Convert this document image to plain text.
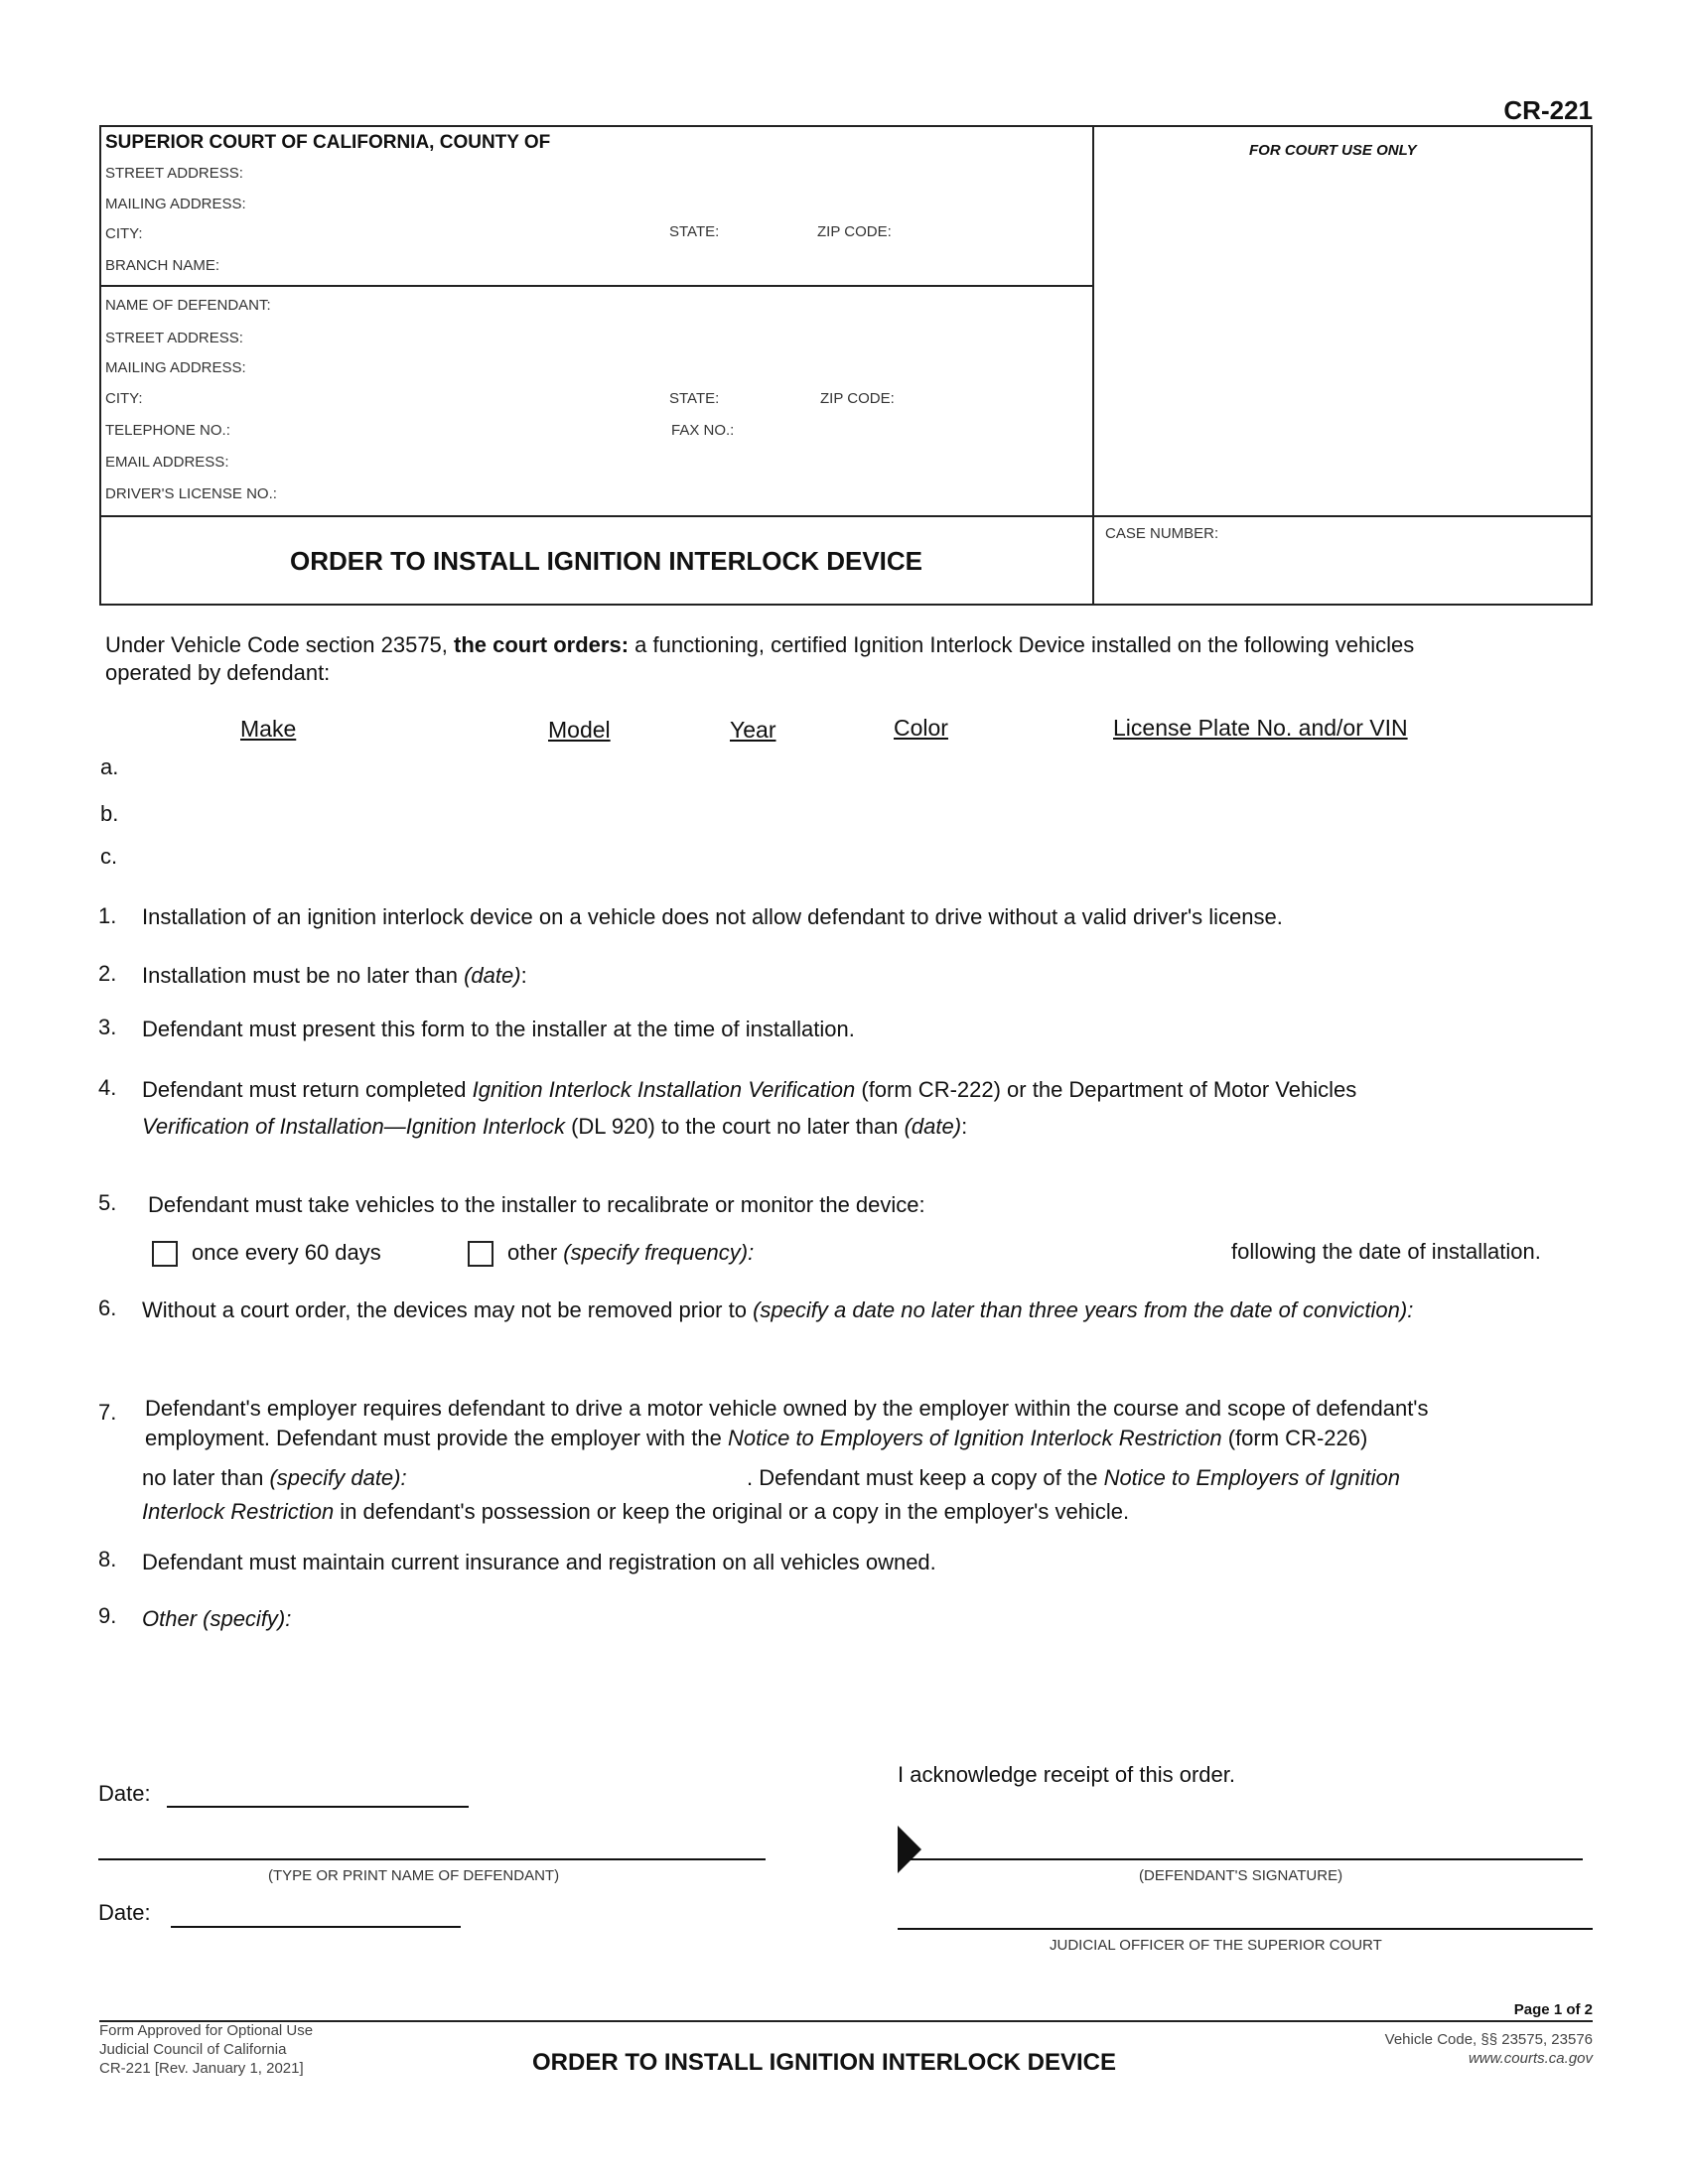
CR-221
SUPERIOR COURT OF CALIFORNIA, COUNTY OF
STREET ADDRESS:
MAILING ADDRESS:
CITY:	STATE:	ZIP CODE:
BRANCH NAME:
FOR COURT USE ONLY
NAME OF DEFENDANT:
STREET ADDRESS:
MAILING ADDRESS:
CITY:	STATE:	ZIP CODE:
TELEPHONE NO.:	FAX NO.:
EMAIL ADDRESS:
DRIVER'S LICENSE NO.:
ORDER TO INSTALL IGNITION INTERLOCK DEVICE
CASE NUMBER:
Under Vehicle Code section 23575, the court orders: a functioning, certified Ignition Interlock Device installed on the following vehicles
operated by defendant:
Make	Model	Year	Color	License Plate No. and/or VIN
a.
b.
c.
1. Installation of an ignition interlock device on a vehicle does not allow defendant to drive without a valid driver's license.
2. Installation must be no later than (date):
3. Defendant must present this form to the installer at the time of installation.
4. Defendant must return completed Ignition Interlock Installation Verification (form CR-222) or the Department of Motor Vehicles
Verification of Installation—Ignition Interlock (DL 920) to the court no later than (date):
5. Defendant must take vehicles to the installer to recalibrate or monitor the device:
once every 60 days	other (specify frequency):	following the date of installation.
6. Without a court order, the devices may not be removed prior to (specify a date no later than three years from the date of conviction):
7. Defendant's employer requires defendant to drive a motor vehicle owned by the employer within the course and scope of defendant's
employment. Defendant must provide the employer with the Notice to Employers of Ignition Interlock Restriction (form CR-226)
no later than (specify date):	. Defendant must keep a copy of the Notice to Employers of Ignition
Interlock Restriction in defendant's possession or keep the original or a copy in the employer's vehicle.
8. Defendant must maintain current insurance and registration on all vehicles owned.
9. Other (specify):
Date:
I acknowledge receipt of this order.
(TYPE OR PRINT NAME OF DEFENDANT)	(DEFENDANT'S SIGNATURE)
Date:
JUDICIAL OFFICER OF THE SUPERIOR COURT
Page 1 of 2
Form Approved for Optional Use
Judicial Council of California
CR-221 [Rev. January 1, 2021]	ORDER TO INSTALL IGNITION INTERLOCK DEVICE
Vehicle Code, §§ 23575, 23576
www.courts.ca.gov
